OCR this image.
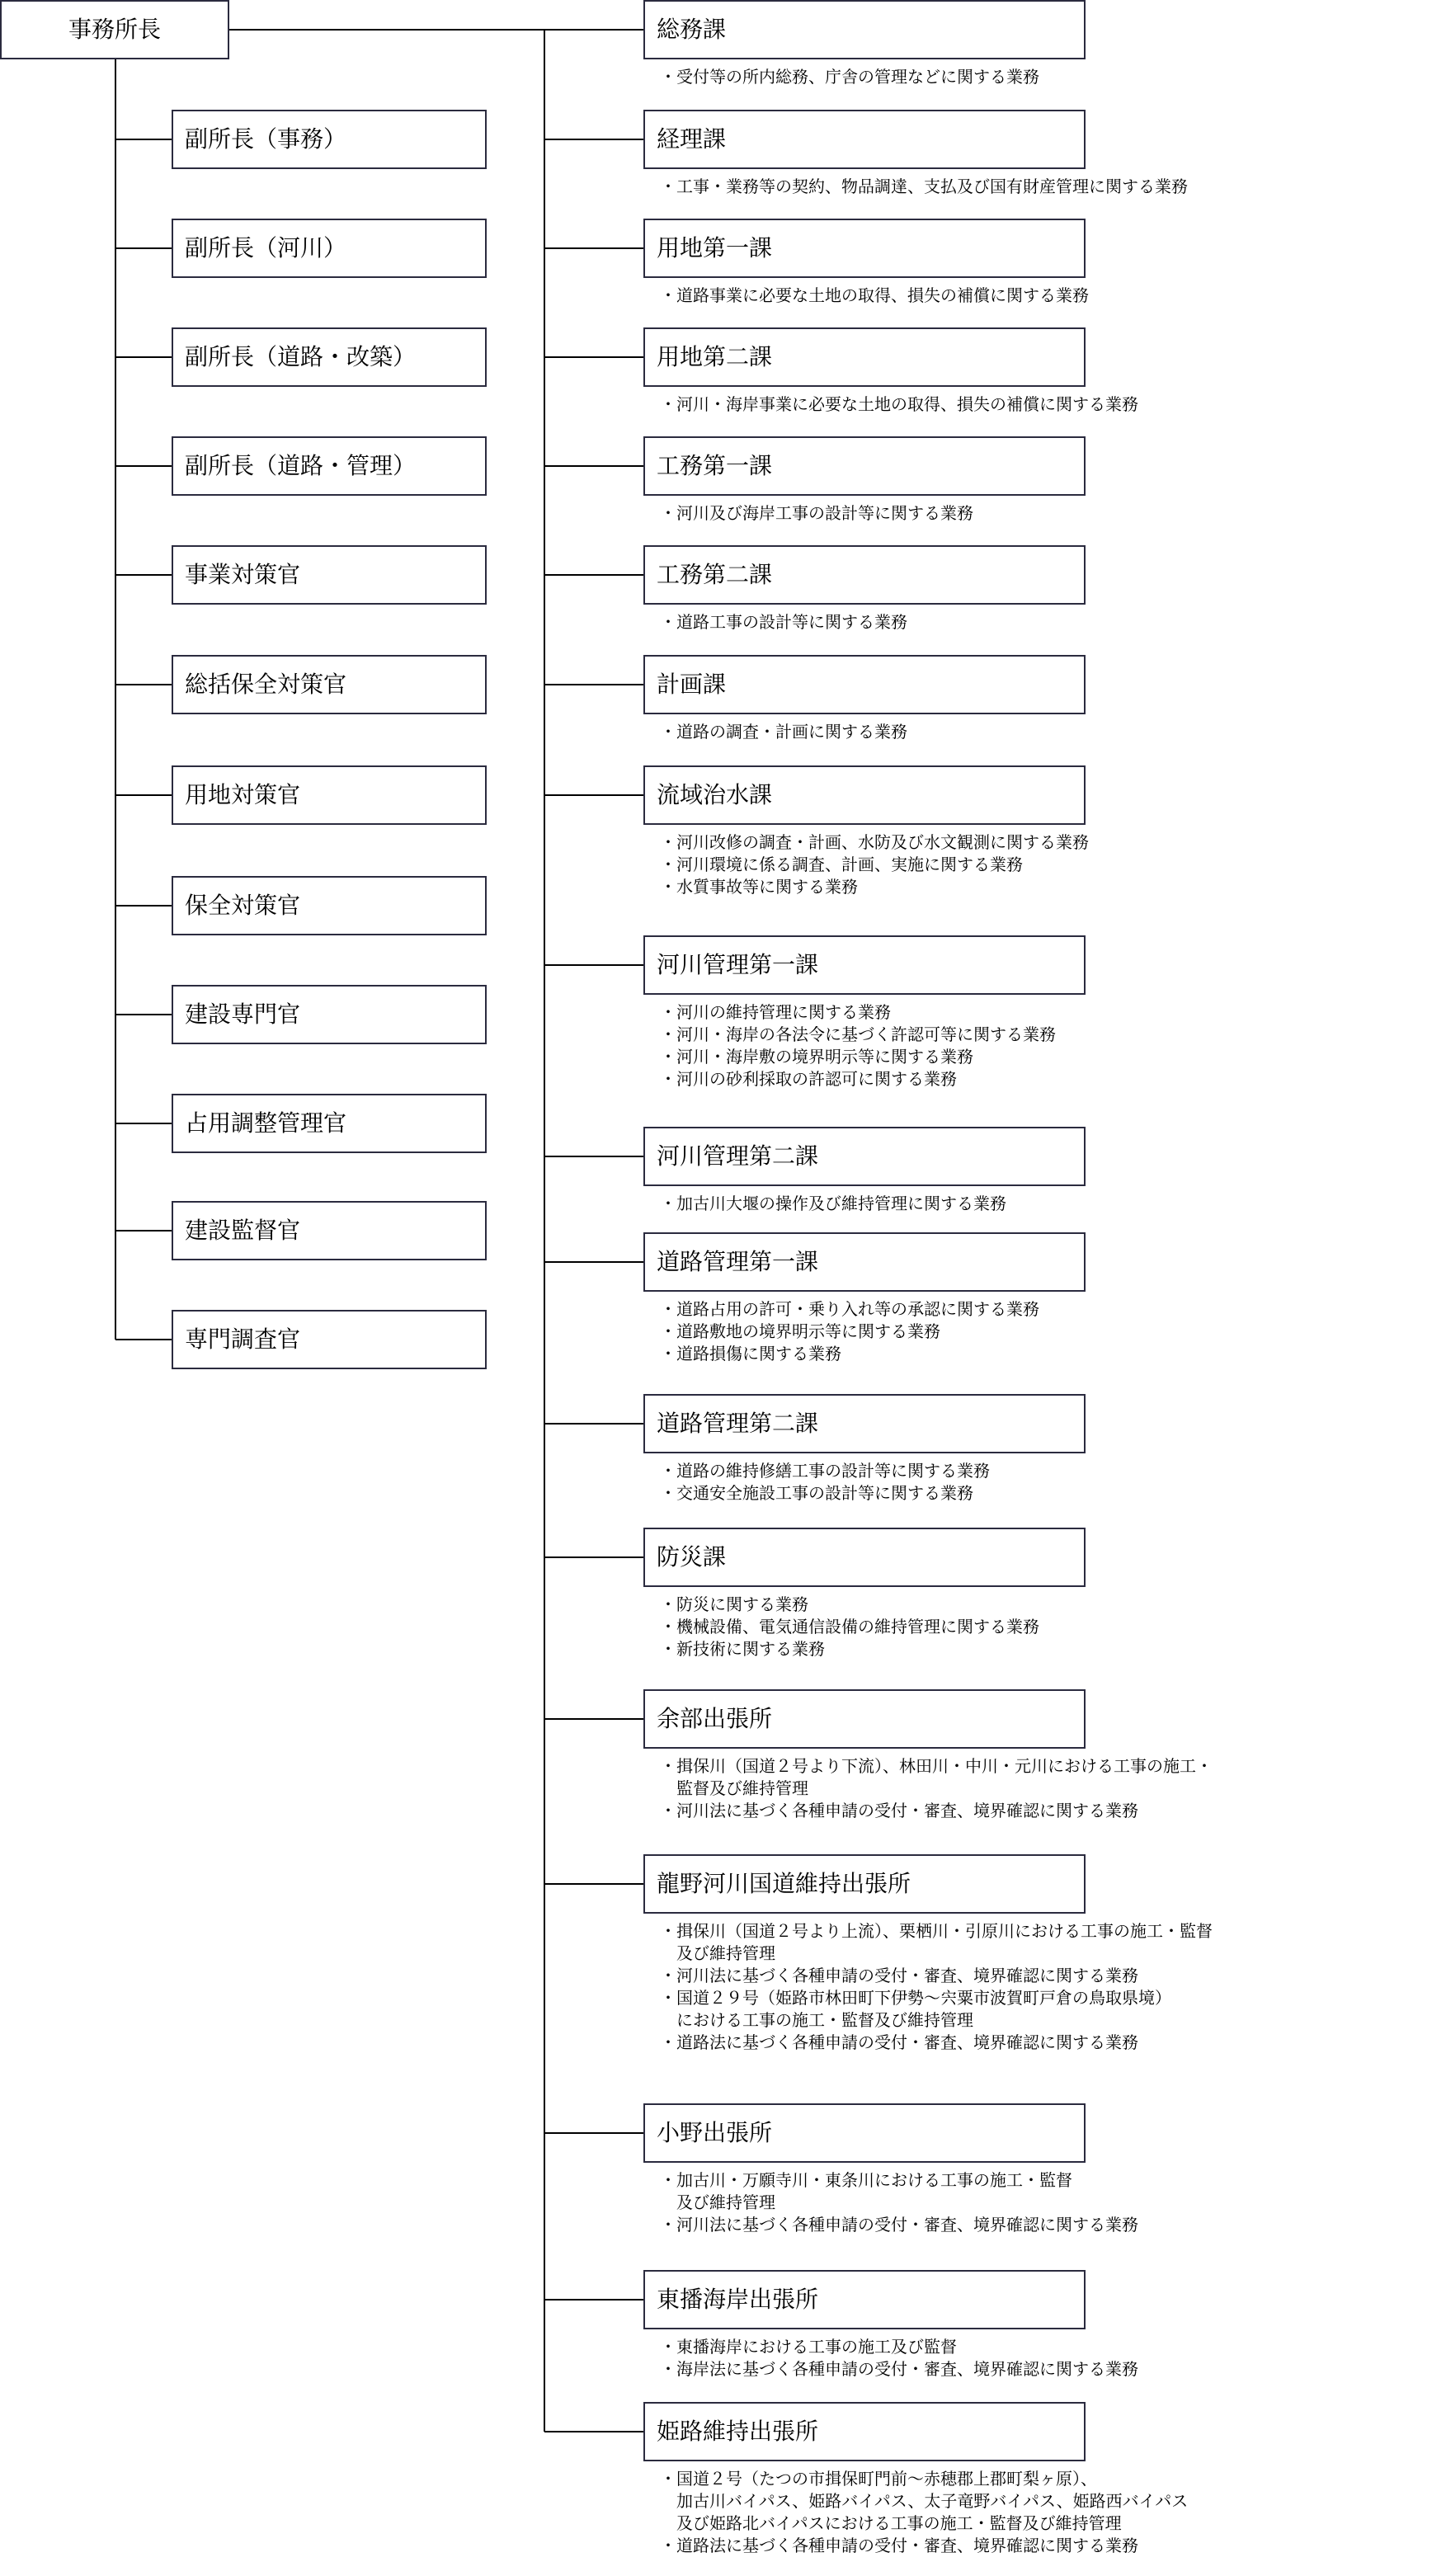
事務所長
副所長（事務）
副所長（河川）
副所長（道路・改築）
副所長（道路・管理）
事業対策官
総括保全対策官
用地対策官
保全対策官
建設専門官
占用調整管理官
建設監督官
専門調査官
総務課
・受付等の所内総務、庁舎の管理などに関する業務
経理課
・工事・業務等の契約、物品調達、支払及び国有財産管理に関する業務
用地第一課
・道路事業に必要な土地の取得、損失の補償に関する業務
用地第二課
・河川・海岸事業に必要な土地の取得、損失の補償に関する業務
工務第一課
・河川及び海岸工事の設計等に関する業務
工務第二課
・道路工事の設計等に関する業務
計画課
・道路の調査・計画に関する業務
流域治水課
・河川改修の調査・計画、水防及び水文観測に関する業務
・河川環境に係る調査、計画、実施に関する業務
・水質事故等に関する業務
河川管理第一課
・河川の維持管理に関する業務
・河川・海岸の各法令に基づく許認可等に関する業務
・河川・海岸敷の境界明示等に関する業務
・河川の砂利採取の許認可に関する業務
河川管理第二課
・加古川大堰の操作及び維持管理に関する業務
道路管理第一課
・道路占用の許可・乗り入れ等の承認に関する業務
・道路敷地の境界明示等に関する業務
・道路損傷に関する業務
道路管理第二課
・道路の維持修繕工事の設計等に関する業務
・交通安全施設工事の設計等に関する業務
防災課
・防災に関する業務
・機械設備、電気通信設備の維持管理に関する業務
・新技術に関する業務
余部出張所
・揖保川（国道２号より下流）、林田川・中川・元川における工事の施工・
　監督及び維持管理
・河川法に基づく各種申請の受付・審査、境界確認に関する業務
龍野河川国道維持出張所
・揖保川（国道２号より上流）、栗栖川・引原川における工事の施工・監督
　及び維持管理
・河川法に基づく各種申請の受付・審査、境界確認に関する業務
・国道２９号（姫路市林田町下伊勢～宍粟市波賀町戸倉の鳥取県境）
　における工事の施工・監督及び維持管理
・道路法に基づく各種申請の受付・審査、境界確認に関する業務
小野出張所
・加古川・万願寺川・東条川における工事の施工・監督
　及び維持管理
・河川法に基づく各種申請の受付・審査、境界確認に関する業務
東播海岸出張所
・東播海岸における工事の施工及び監督
・海岸法に基づく各種申請の受付・審査、境界確認に関する業務
姫路維持出張所
・国道２号（たつの市揖保町門前～赤穂郡上郡町梨ヶ原）、
　加古川バイパス、姫路バイパス、太子竜野バイパス、姫路西バイパス
　及び姫路北バイパスにおける工事の施工・監督及び維持管理
・道路法に基づく各種申請の受付・審査、境界確認に関する業務
